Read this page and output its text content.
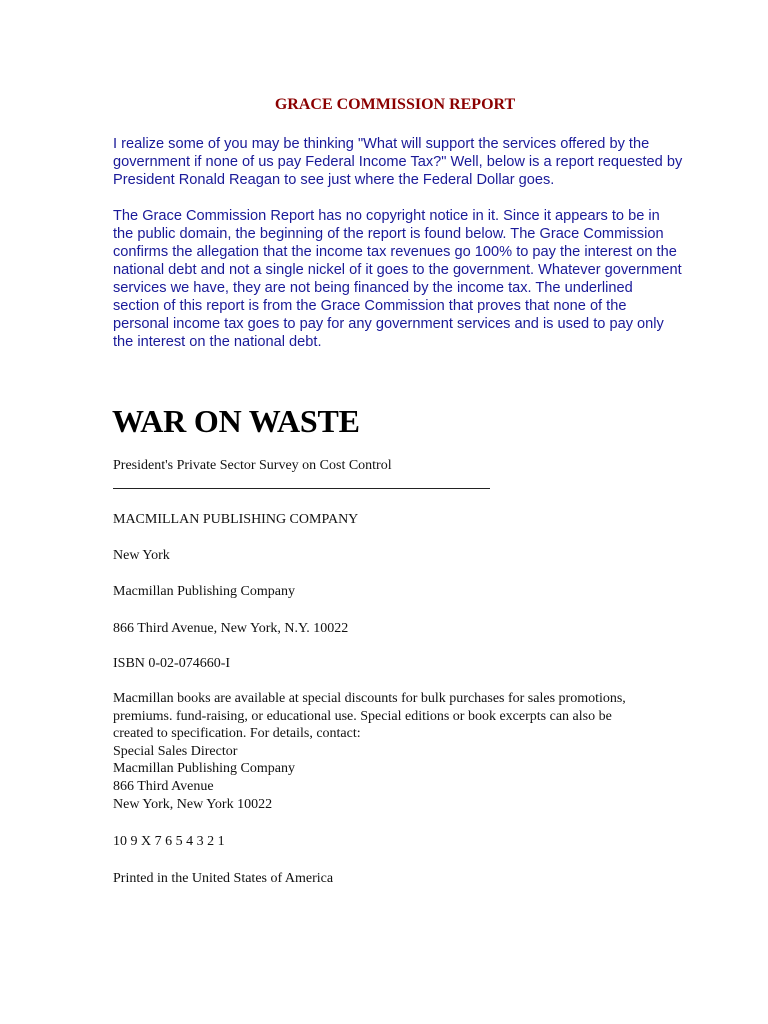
GRACE COMMISSION REPORT

I realize some of you may be thinking "What will support the services offered by the government if none of us pay Federal Income Tax?" Well, below is a report requested by President Ronald Reagan to see just where the Federal Dollar goes.

The Grace Commission Report has no copyright notice in it. Since it appears to be in the public domain, the beginning of the report is found below. The Grace Commission confirms the allegation that the income tax revenues go 100% to pay the interest on the national debt and not a single nickel of it goes to the government. Whatever government services we have, they are not being financed by the income tax. The underlined section of this report is from the Grace Commission that proves that none of the personal income tax goes to pay for any government services and is used to pay only the interest on the national debt.

WAR ON WASTE

President's Private Sector Survey on Cost Control

MACMILLAN PUBLISHING COMPANY

New York

Macmillan Publishing Company

866 Third Avenue, New York, N.Y. 10022

ISBN 0-02-074660-I

Macmillan books are available at special discounts for bulk purchases for sales promotions,
premiums. fund-raising, or educational use. Special editions or book excerpts can also be
created to specification. For details, contact:
Special Sales Director
Macmillan Publishing Company
866 Third Avenue
New York, New York 10022

10 9 X 7 6 5 4 3 2 1

Printed in the United States of America
